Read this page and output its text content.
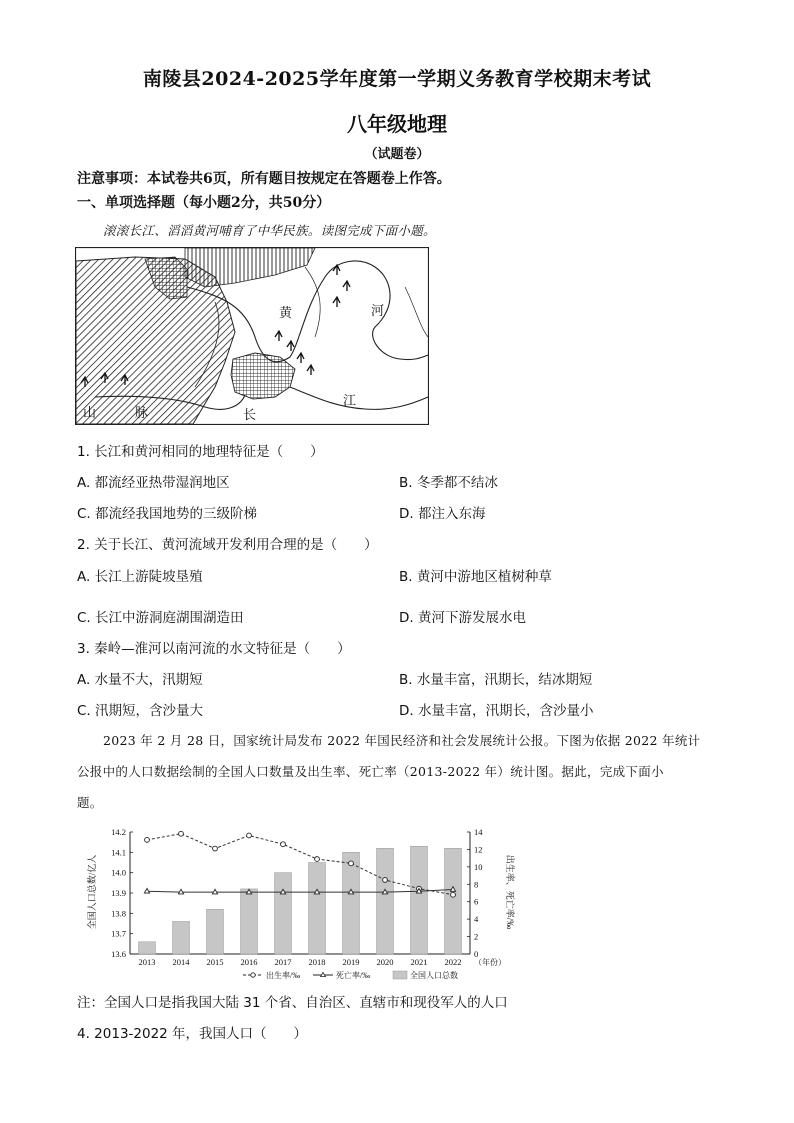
南陵县2024-2025学年度第一学期义务教育学校期末考试
八年级地理
（试题卷）
注意事项：本试卷共6页，所有题目按规定在答题卷上作答。
一、单项选择题（每小题2分，共50分）
滚滚长江、滔滔黄河哺育了中华民族。读图完成下面小题。
黄	河
江
长
山	脉
1. 长江和黄河相同的地理特征是（　　）
A. 都流经亚热带湿润地区	B. 冬季都不结冰
C. 都流经我国地势的三级阶梯	D. 都注入东海
2. 关于长江、黄河流域开发利用合理的是（　　）
A. 长江上游陡坡垦殖	B. 黄河中游地区植树种草
C. 长江中游洞庭湖围湖造田	D. 黄河下游发展水电
3. 秦岭—淮河以南河流的水文特征是（　　）
A. 水量不大，汛期短	B. 水量丰富，汛期长，结冰期短
C. 汛期短，含沙量大	D. 水量丰富，汛期长，含沙量小
2023 年 2 月 28 日，国家统计局发布 2022 年国民经济和社会发展统计公报。下图为依据 2022 年统计
公报中的人口数据绘制的全国人口数量及出生率、死亡率（2013-2022 年）统计图。据此，完成下面小
题。
全国人口总数/亿人	出生率、死亡率/‰
13.6
13.7
13.8
13.9
14.0
14.1
14.2
0
2
4
6
8
10
12
14
2013 2014 2015 2016 2017 2018 2019 2020 2021 2022 （年份）
出生率/‰	死亡率/‰	全国人口总数
注：全国人口是指我国大陆 31 个省、自治区、直辖市和现役军人的人口
4. 2013-2022 年，我国人口（　　）
